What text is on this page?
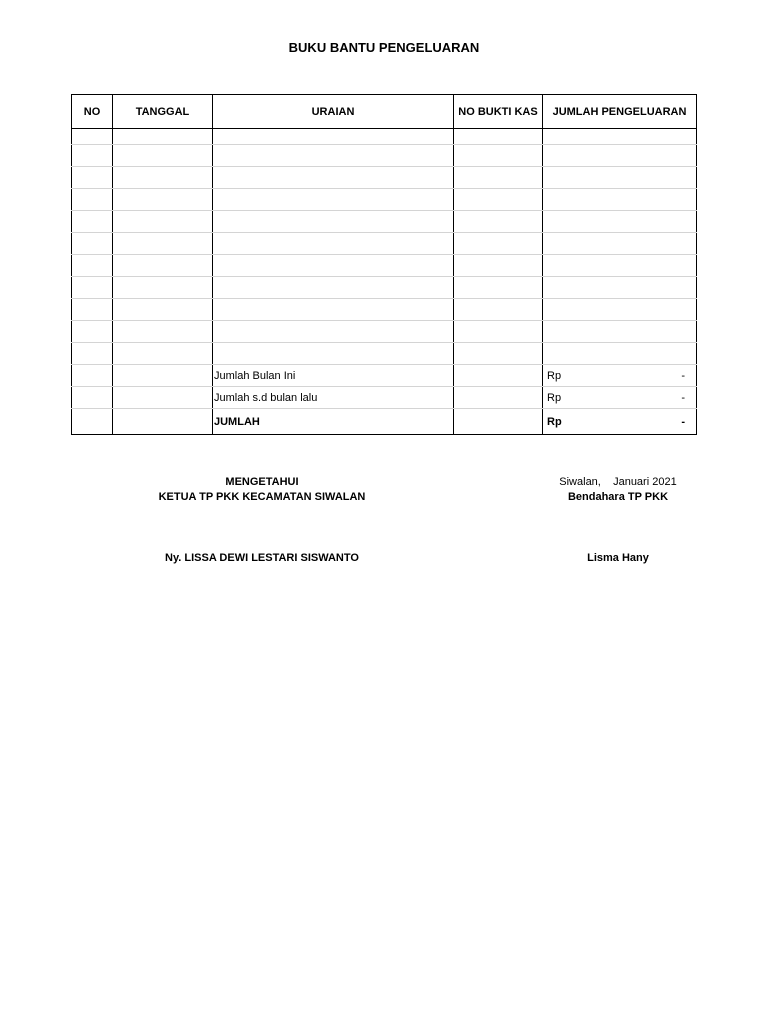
BUKU BANTU PENGELUARAN
NO	TANGGAL	URAIAN	NO BUKTI KAS	JUMLAH PENGELUARAN

		Jumlah Bulan Ini		Rp -

		Jumlah s.d bulan lalu		Rp -

		JUMLAH		Rp -
MENGETAHUI
KETUA TP PKK KECAMATAN SIWALAN
Ny. LISSA DEWI LESTARI SISWANTO
Siwalan,    Januari 2021
Bendahara TP PKK
Lisma Hany
